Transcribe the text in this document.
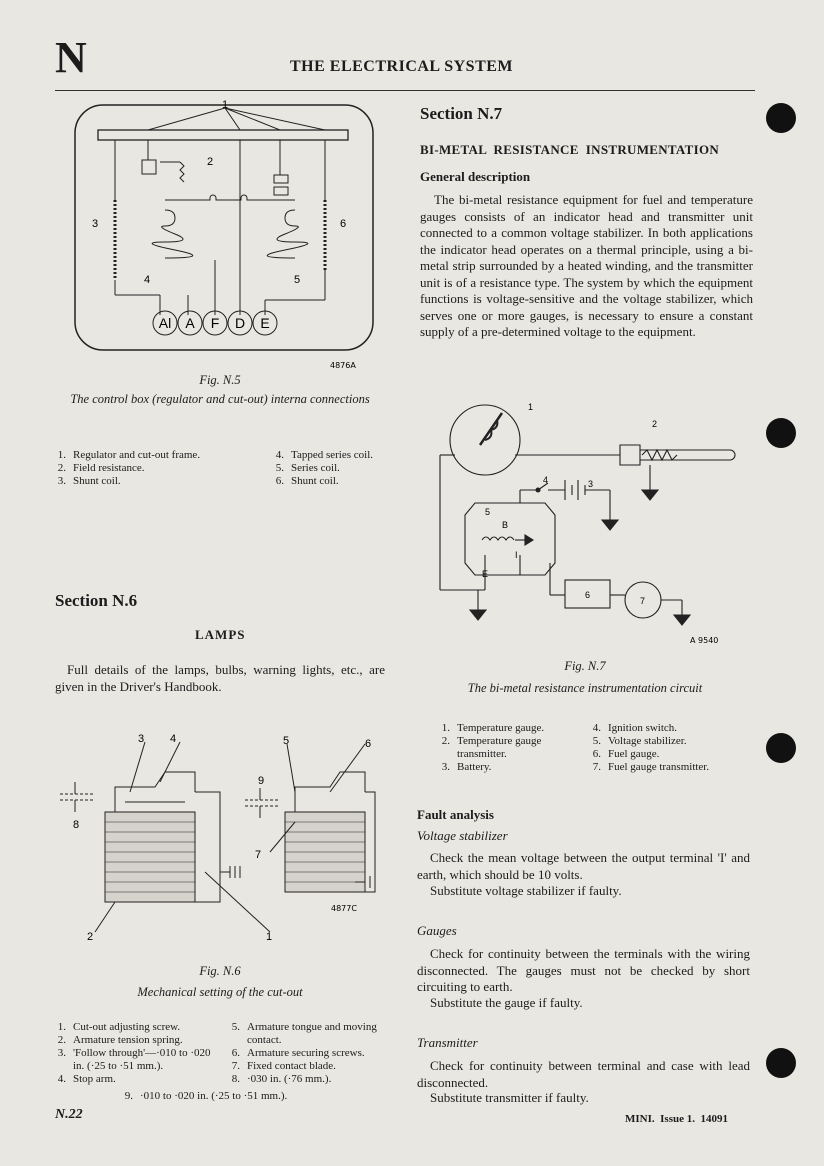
N	THE ELECTRICAL SYSTEM
1
2
3
4	5
6
Al A F D E
4876A
Fig. N.5
The control box (regulator and cut-out) interna connections
1.	Regulator and cut-out frame.
2.	Field resistance.
3.	Shunt coil.
4.	Tapped series coil.
5.	Series coil.
6.	Shunt coil.
Section N.6
LAMPS
Full details of the lamps, bulbs, warning lights, etc., are given in the Driver's Handbook.
3 4	5	6
9
8
7
2	1
4877C
Fig. N.6
Mechanical setting of the cut-out
1.	Cut-out adjusting screw.
2.	Armature tension spring.
3.	'Follow through'—·010 to ·020 in. (·25 to ·51 mm.).
4.	Stop arm.
5.	Armature tongue and moving contact.
6.	Armature securing screws.
7.	Fixed contact blade.
8.	·030 in. (·76 mm.).
9.	·010 to ·020 in. (·25 to ·51 mm.).
Section N.7
BI-METAL  RESISTANCE  INSTRUMENTATION
General description
The bi-metal resistance equipment for fuel and temperature gauges consists of an indicator head and transmitter unit connected to a common voltage stabilizer. In both applications the indicator head operates on a thermal principle, using a bi-metal strip surrounded by a heated winding, and the transmitter unit is of a resistance type. The system by which the equipment functions is voltage-sensitive and the voltage stabilizer, which serves one or more gauges, is necessary to ensure a constant supply of a pre-determined voltage to the equipment.
1
2
3
4
5
6
7
B
I
E
A 9540
Fig. N.7
The bi-metal resistance instrumentation circuit
1.	Temperature gauge.
2.	Temperature gauge transmitter.
3.	Battery.
4.	Ignition switch.
5.	Voltage stabilizer.
6.	Fuel gauge.
7.	Fuel gauge transmitter.
Fault analysis
Voltage stabilizer
Check the mean voltage between the output terminal 'I' and earth, which should be 10 volts.
Substitute voltage stabilizer if faulty.
Gauges
Check for continuity between the terminals with the wiring disconnected. The gauges must not be checked by short circuiting to earth.
Substitute the gauge if faulty.
Transmitter
Check for continuity between terminal and case with lead disconnected.
Substitute transmitter if faulty.
N.22	MINI.  Issue 1.  14091
